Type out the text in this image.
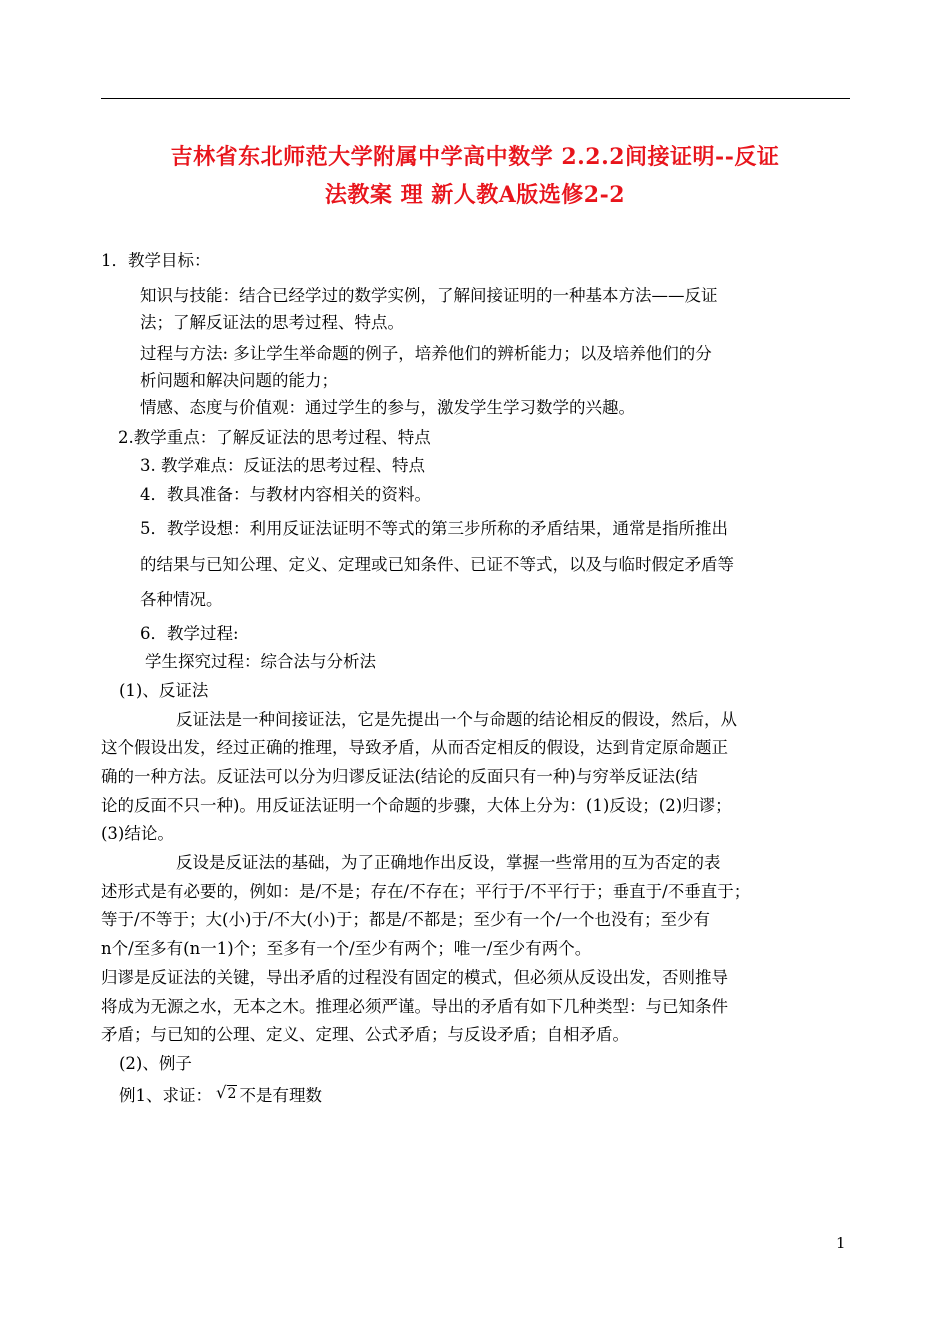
吉林省东北师范大学附属中学高中数学 2.2.2间接证明--反证
法教案 理 新人教A版选修2-2
1．教学目标：
知识与技能：结合已经学过的数学实例，了解间接证明的一种基本方法——反证
法；了解反证法的思考过程、特点。
过程与方法: 多让学生举命题的例子，培养他们的辨析能力；以及培养他们的分
析问题和解决问题的能力；
情感、态度与价值观：通过学生的参与，激发学生学习数学的兴趣。
2.教学重点：了解反证法的思考过程、特点
3. 教学难点：反证法的思考过程、特点
4．教具准备：与教材内容相关的资料。
5．教学设想：利用反证法证明不等式的第三步所称的矛盾结果，通常是指所推出
的结果与已知公理、定义、定理或已知条件、已证不等式，以及与临时假定矛盾等
各种情况。
6．教学过程:
学生探究过程：综合法与分析法
(1)、反证法
反证法是一种间接证法，它是先提出一个与命题的结论相反的假设，然后，从
这个假设出发，经过正确的推理，导致矛盾，从而否定相反的假设，达到肯定原命题正
确的一种方法。反证法可以分为归谬反证法(结论的反面只有一种)与穷举反证法(结
论的反面不只一种)。用反证法证明一个命题的步骤，大体上分为：(1)反设；(2)归谬；
(3)结论。
反设是反证法的基础，为了正确地作出反设，掌握一些常用的互为否定的表
述形式是有必要的，例如：是/不是；存在/不存在；平行于/不平行于；垂直于/不垂直于；
等于/不等于；大(小)于/不大(小)于；都是/不都是；至少有一个/一个也没有；至少有
n个/至多有(n一1)个；至多有一个/至少有两个；唯一/至少有两个。
归谬是反证法的关键，导出矛盾的过程没有固定的模式，但必须从反设出发，否则推导
将成为无源之水，无本之木。推理必须严谨。导出的矛盾有如下几种类型：与已知条件
矛盾；与已知的公理、定义、定理、公式矛盾；与反设矛盾；自相矛盾。
(2)、例子
例1、求证： √2 不是有理数
1
